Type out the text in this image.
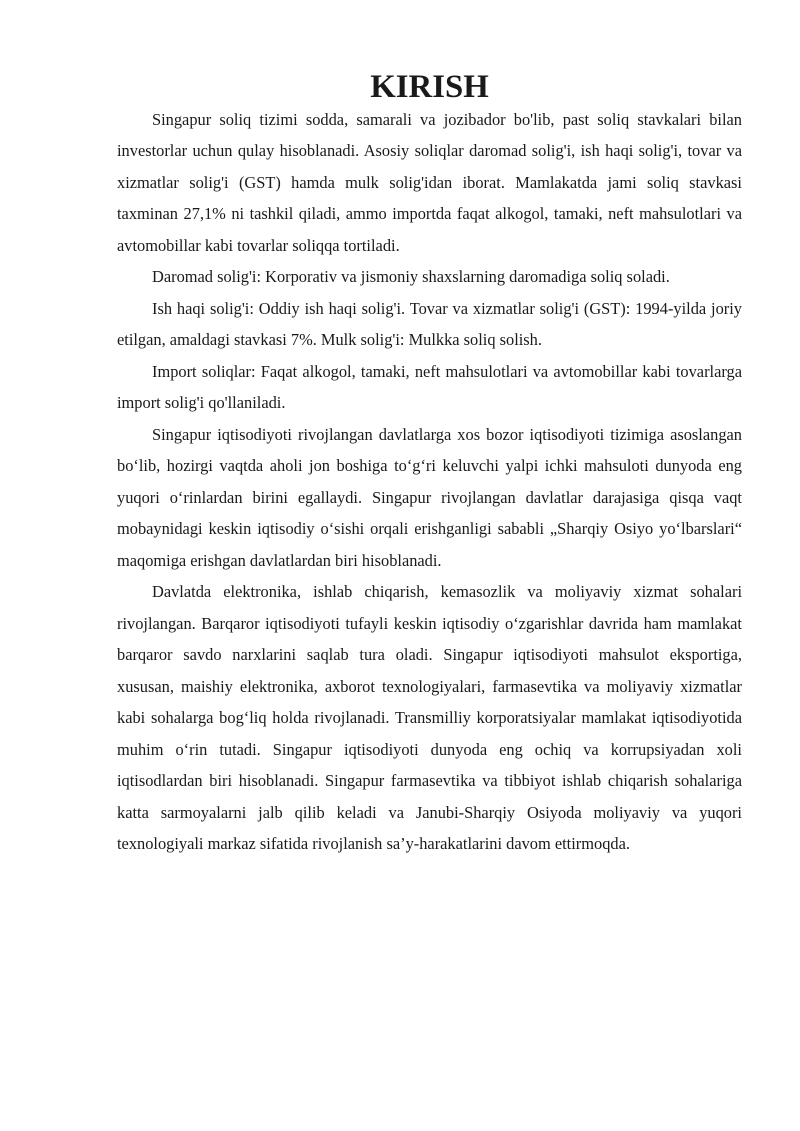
KIRISH

Singapur soliq tizimi sodda, samarali va jozibador bo'lib, past soliq stavkalari bilan investorlar uchun qulay hisoblanadi. Asosiy soliqlar daromad solig'i, ish haqi solig'i, tovar va xizmatlar solig'i (GST) hamda mulk solig'idan iborat. Mamlakatda jami soliq stavkasi taxminan 27,1% ni tashkil qiladi, ammo importda faqat alkogol, tamaki, neft mahsulotlari va avtomobillar kabi tovarlar soliqqa tortiladi.

Daromad solig'i: Korporativ va jismoniy shaxslarning daromadiga soliq soladi.

Ish haqi solig'i: Oddiy ish haqi solig'i. Tovar va xizmatlar solig'i (GST): 1994-yilda joriy etilgan, amaldagi stavkasi 7%. Mulk solig'i: Mulkka soliq solish.

Import soliqlar: Faqat alkogol, tamaki, neft mahsulotlari va avtomobillar kabi tovarlarga import solig'i qo'llaniladi.

Singapur iqtisodiyoti rivojlangan davlatlarga xos bozor iqtisodiyoti tizimiga asoslangan bo‘lib, hozirgi vaqtda aholi jon boshiga to‘g‘ri keluvchi yalpi ichki mahsuloti dunyoda eng yuqori o‘rinlardan birini egallaydi. Singapur rivojlangan davlatlar darajasiga qisqa vaqt mobaynidagi keskin iqtisodiy o‘sishi orqali erishganligi sababli „Sharqiy Osiyo yo‘lbarslari“ maqomiga erishgan davlatlardan biri hisoblanadi.

Davlatda elektronika, ishlab chiqarish, kemasozlik va moliyaviy xizmat sohalari rivojlangan. Barqaror iqtisodiyoti tufayli keskin iqtisodiy o‘zgarishlar davrida ham mamlakat barqaror savdo narxlarini saqlab tura oladi. Singapur iqtisodiyoti mahsulot eksportiga, xususan, maishiy elektronika, axborot texnologiyalari, farmasevtika va moliyaviy xizmatlar kabi sohalarga bog‘liq holda rivojlanadi. Transmilliy korporatsiyalar mamlakat iqtisodiyotida muhim o‘rin tutadi. Singapur iqtisodiyoti dunyoda eng ochiq va korrupsiyadan xoli iqtisodlardan biri hisoblanadi. Singapur farmasevtika va tibbiyot ishlab chiqarish sohalariga katta sarmoyalarni jalb qilib keladi va Janubi-Sharqiy Osiyoda moliyaviy va yuqori texnologiyali markaz sifatida rivojlanish sa’y-harakatlarini davom ettirmoqda.
